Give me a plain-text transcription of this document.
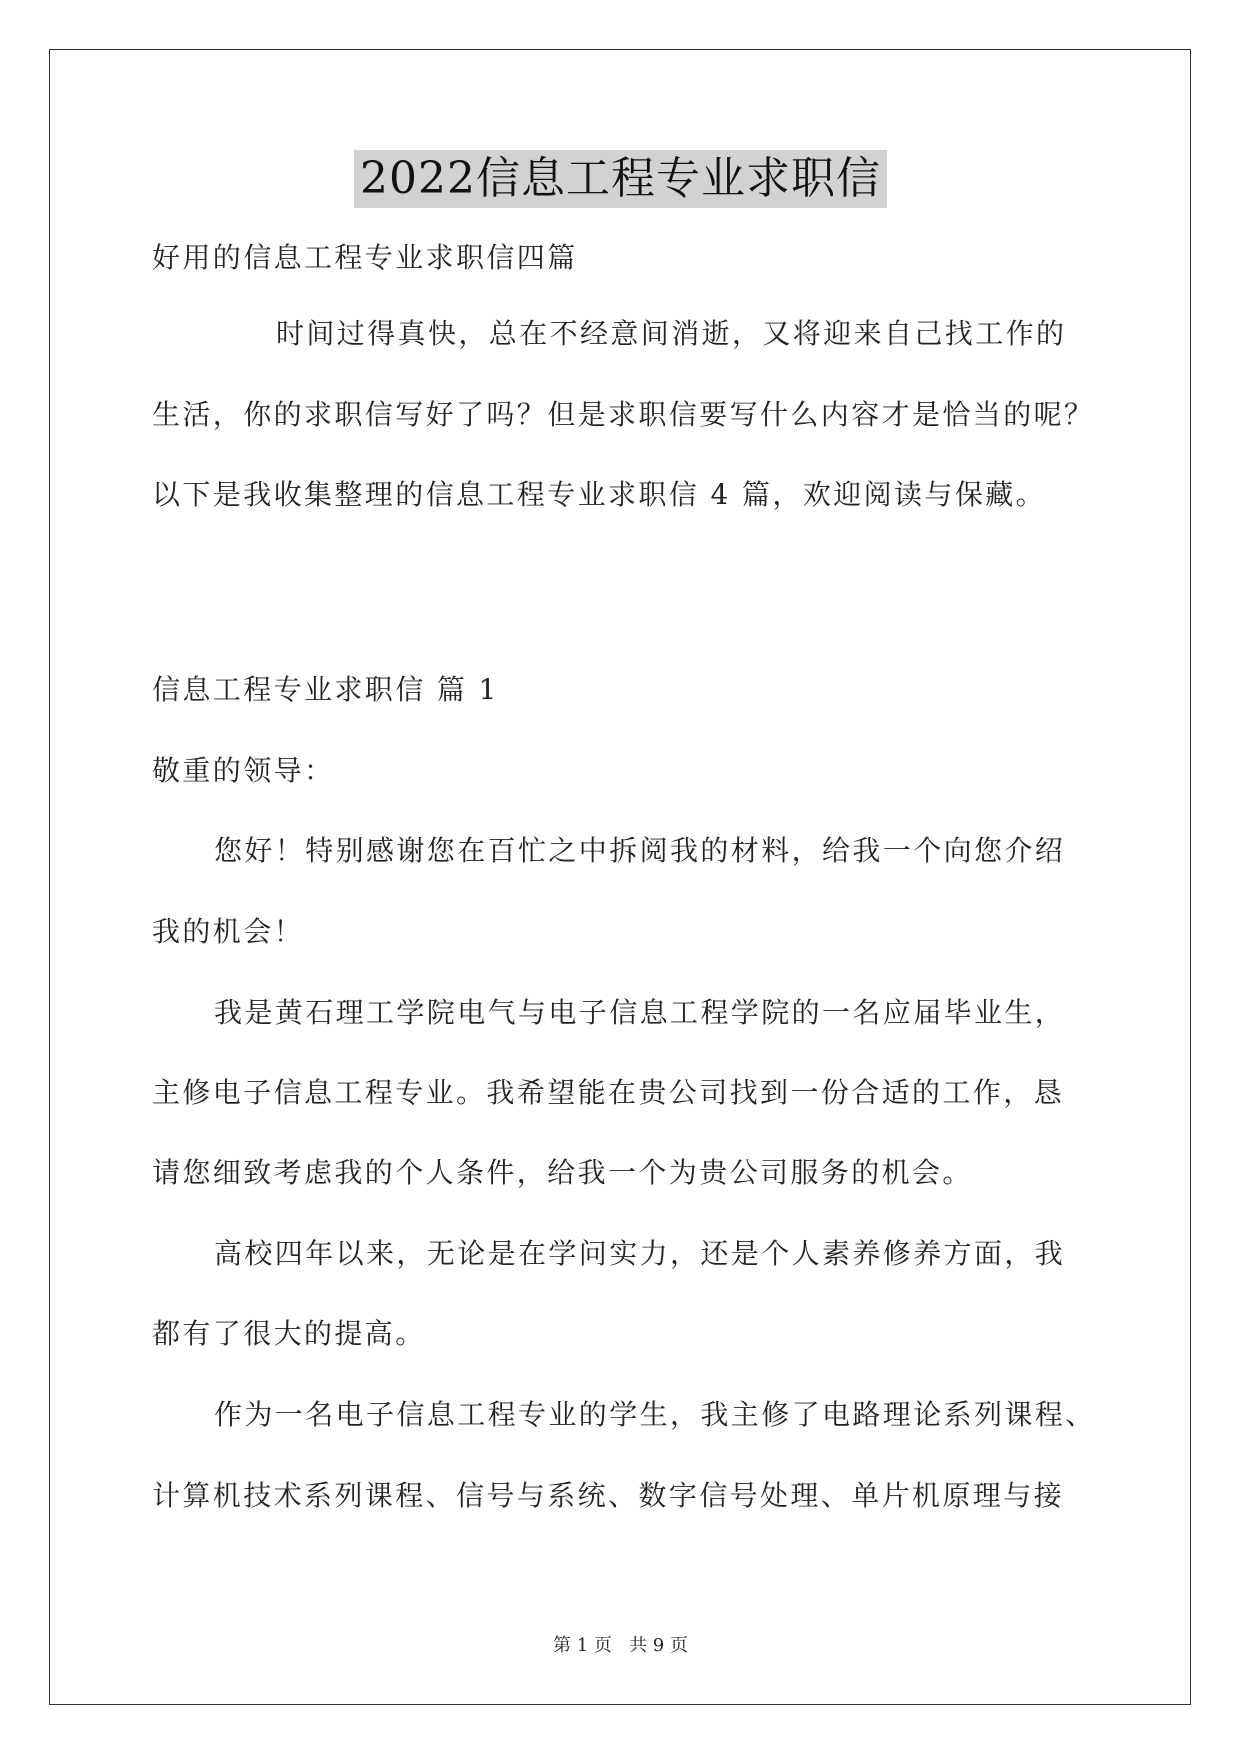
2022信息工程专业求职信
好用的信息工程专业求职信四篇
时间过得真快，总在不经意间消逝，又将迎来自己找工作的
生活，你的求职信写好了吗？但是求职信要写什么内容才是恰当的呢？
以下是我收集整理的信息工程专业求职信 4 篇，欢迎阅读与保藏。
信息工程专业求职信 篇 1
敬重的领导：
您好！特别感谢您在百忙之中拆阅我的材料，给我一个向您介绍
我的机会！
我是黄石理工学院电气与电子信息工程学院的一名应届毕业生，
主修电子信息工程专业。我希望能在贵公司找到一份合适的工作，恳
请您细致考虑我的个人条件，给我一个为贵公司服务的机会。
高校四年以来，无论是在学问实力，还是个人素养修养方面，我
都有了很大的提高。
作为一名电子信息工程专业的学生，我主修了电路理论系列课程、
计算机技术系列课程、信号与系统、数字信号处理、单片机原理与接
第 1 页   共 9 页
